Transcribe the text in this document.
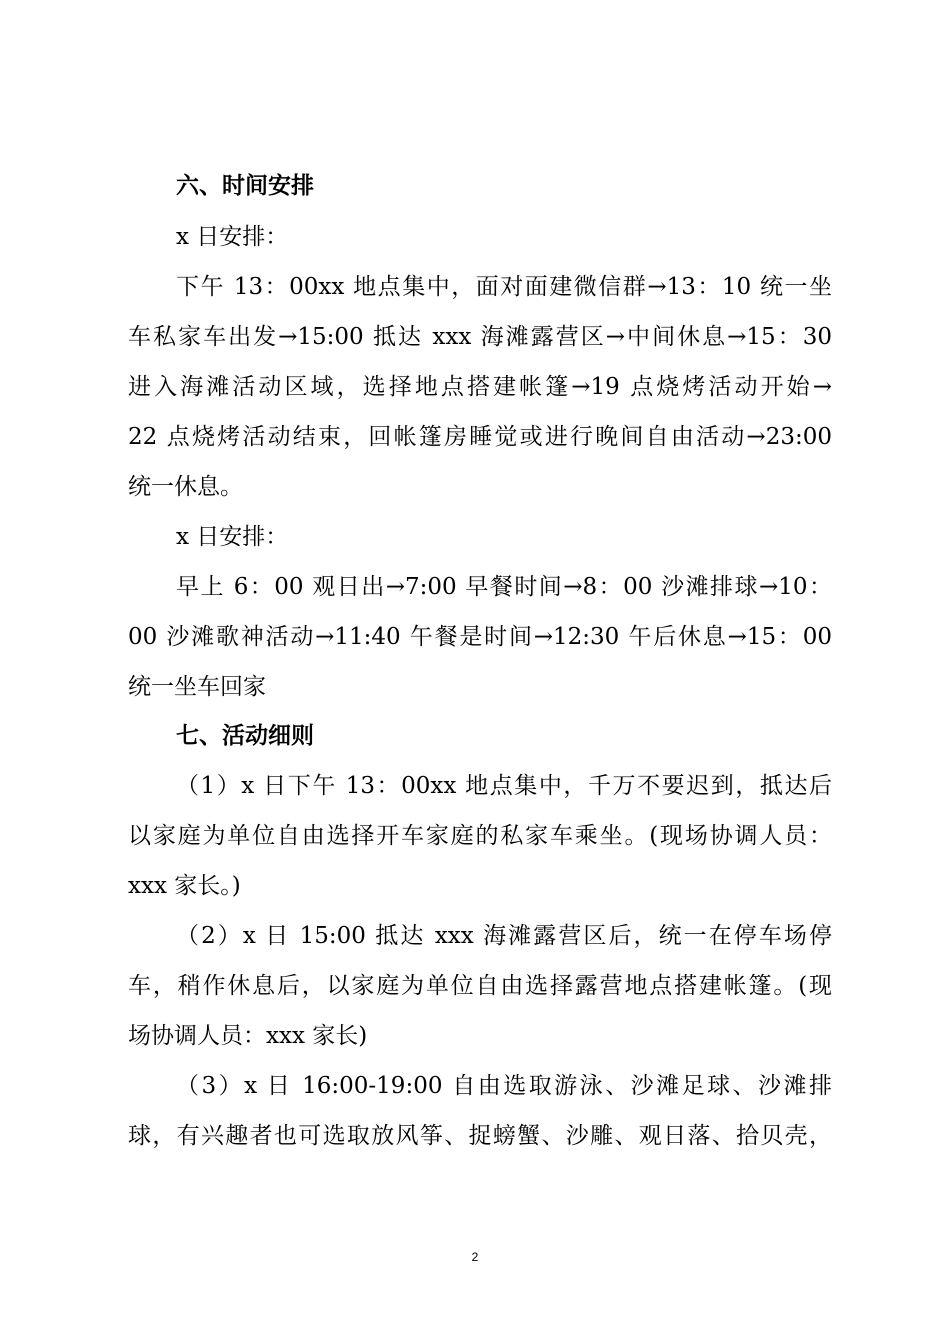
六、时间安排
x 日安排：
下午 13：00xx 地点集中，面对面建微信群→13：10 统一坐
车私家车出发→15:00 抵达 xxx 海滩露营区→中间休息→15：30
进入海滩活动区域，选择地点搭建帐篷→19 点烧烤活动开始→
22 点烧烤活动结束，回帐篷房睡觉或进行晚间自由活动→23:00
统一休息。
x 日安排：
早上 6：00 观日出→7:00 早餐时间→8：00 沙滩排球→10：
00 沙滩歌神活动→11:40 午餐是时间→12:30 午后休息→15：00
统一坐车回家
七、活动细则
（1）x 日下午 13：00xx 地点集中，千万不要迟到，抵达后
以家庭为单位自由选择开车家庭的私家车乘坐。(现场协调人员：
xxx 家长。)
（2）x 日 15:00 抵达 xxx 海滩露营区后，统一在停车场停
车，稍作休息后，以家庭为单位自由选择露营地点搭建帐篷。(现
场协调人员：xxx 家长)
（3）x 日 16:00-19:00 自由选取游泳、沙滩足球、沙滩排
球，有兴趣者也可选取放风筝、捉螃蟹、沙雕、观日落、拾贝壳，
2
